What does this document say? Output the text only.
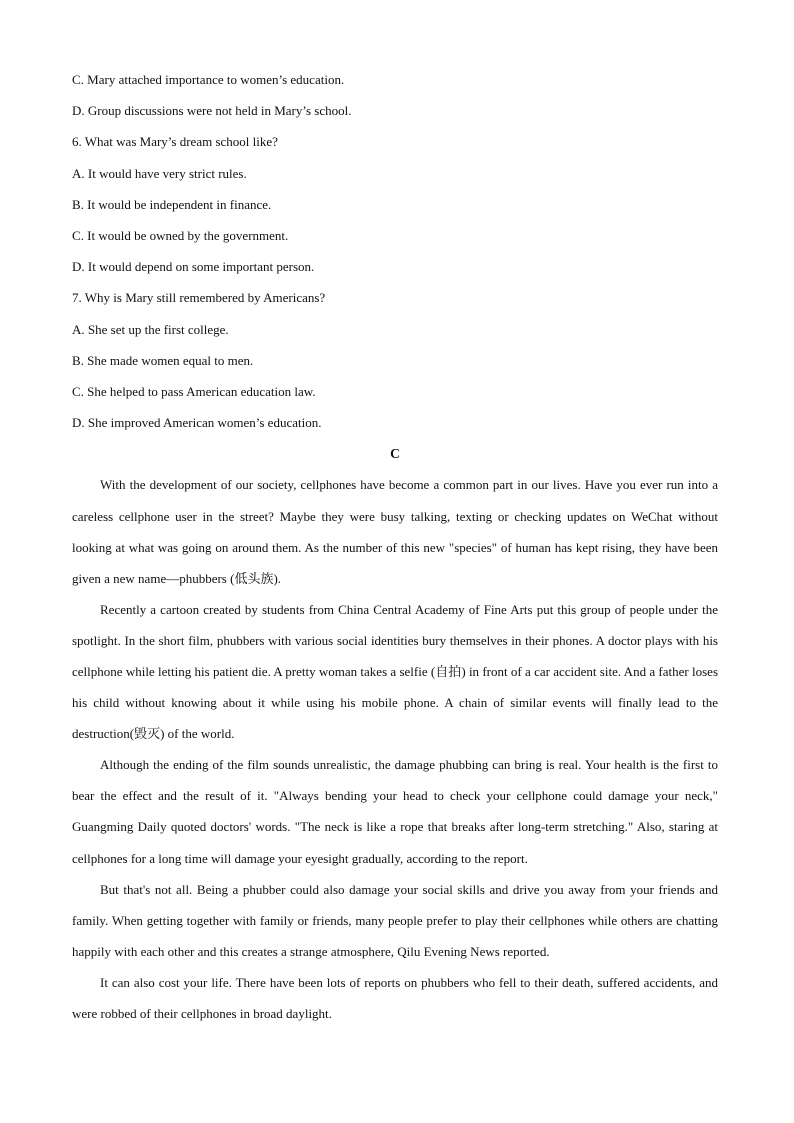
C. Mary attached importance to women’s education.

D. Group discussions were not held in Mary’s school.

6. What was Mary’s dream school like?

A. It would have very strict rules.

B. It would be independent in finance.

C. It would be owned by the government.

D. It would depend on some important person.

7. Why is Mary still remembered by Americans?

A. She set up the first college.

B. She made women equal to men.

C. She helped to pass American education law.

D. She improved American women’s education.

C

With the development of our society, cellphones have become a common part in our lives. Have you ever run into a careless cellphone user in the street? Maybe they were busy talking, texting or checking updates on WeChat without looking at what was going on around them. As the number of this new "species" of human has kept rising, they have been given a new name—phubbers (低头族).

Recently a cartoon created by students from China Central Academy of Fine Arts put this group of people under the spotlight. In the short film, phubbers with various social identities bury themselves in their phones. A doctor plays with his cellphone while letting his patient die. A pretty woman takes a selfie (自拍) in front of a car accident site. And a father loses his child without knowing about it while using his mobile phone. A chain of similar events will finally lead to the destruction(毁灭) of the world.

Although the ending of the film sounds unrealistic, the damage phubbing can bring is real. Your health is the first to bear the effect and the result of it. "Always bending your head to check your cellphone could damage your neck," Guangming Daily quoted doctors' words. "The neck is like a rope that breaks after long-term stretching." Also, staring at cellphones for a long time will damage your eyesight gradually, according to the report.

But that's not all. Being a phubber could also damage your social skills and drive you away from your friends and family. When getting together with family or friends, many people prefer to play their cellphones while others are chatting happily with each other and this creates a strange atmosphere, Qilu Evening News reported.

It can also cost your life. There have been lots of reports on phubbers who fell to their death, suffered accidents, and were robbed of their cellphones in broad daylight.
